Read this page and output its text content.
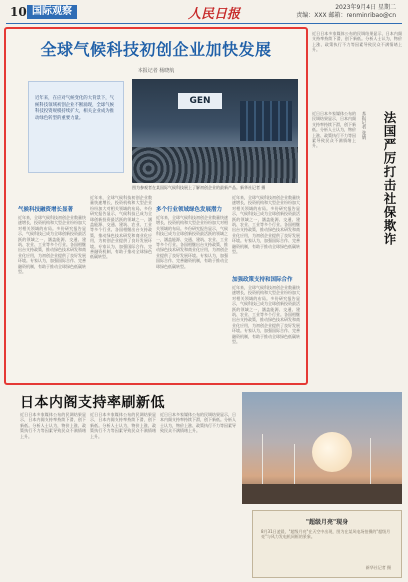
10 国际观察	人民日报	2023年9月4日 星期二
责编：XXX 邮箱：renminribao@cn
全球气候科技初创企业加快发展
本报记者 杨晓航
近年来，在应对气候变化的大背景下，气候科技领域初创企业不断涌现，全球气候科技投资规模持续扩大，相关企业成为推动绿色转型的重要力量。
GEN
图为参观者在某国际气候科技展上了解初创企业的最新产品。新华社记者 摄
气候科技融资增长显著
近年来，全球气候科技初创企业数量快速增长，投资机构和大型企业纷纷加大对相关领域的布局。多份研究报告显示，气候科技已成为全球创新投资最活跃的领域之一，涵盖能源、交通、建筑、农业、工业等多个行业。各国相继出台支持政策，推动绿色技术研发和商业化应用，为初创企业提供了良好发展环境。专家认为，加强国际合作、完善融资机制，有助于推动全球绿色低碳转型。
近年来，全球气候科技初创企业数量快速增长，投资机构和大型企业纷纷加大对相关领域的布局。多份研究报告显示，气候科技已成为全球创新投资最活跃的领域之一，涵盖能源、交通、建筑、农业、工业等多个行业。各国相继出台支持政策，推动绿色技术研发和商业化应用，为初创企业提供了良好发展环境。专家认为，加强国际合作、完善融资机制，有助于推动全球绿色低碳转型。
多个行业领域绿色发展潜力
近年来，全球气候科技初创企业数量快速增长，投资机构和大型企业纷纷加大对相关领域的布局。多份研究报告显示，气候科技已成为全球创新投资最活跃的领域之一，涵盖能源、交通、建筑、农业、工业等多个行业。各国相继出台支持政策，推动绿色技术研发和商业化应用，为初创企业提供了良好发展环境。专家认为，加强国际合作、完善融资机制，有助于推动全球绿色低碳转型。
加强政策支持和国际合作
近年来，全球气候科技初创企业数量快速增长，投资机构和大型企业纷纷加大对相关领域的布局。多份研究报告显示，气候科技已成为全球创新投资最活跃的领域之一，涵盖能源、交通、建筑、农业、工业等多个行业。各国相继出台支持政策，推动绿色技术研发和商业化应用，为初创企业提供了良好发展环境。专家认为，加强国际合作、完善融资机制，有助于推动全球绿色低碳转型。
近年来，全球气候科技初创企业数量快速增长，投资机构和大型企业纷纷加大对相关领域的布局。多份研究报告显示，气候科技已成为全球创新投资最活跃的领域之一，涵盖能源、交通、建筑、农业、工业等多个行业。各国相继出台支持政策，推动绿色技术研发和商业化应用，为初创企业提供了良好发展环境。专家认为，加强国际合作、完善融资机制，有助于推动全球绿色低碳转型。
近日日本多家媒体公布的民调结果显示，日本内阁支持率持续下滑，创下新低。分析人士认为，物价上涨、政策执行不力等因素导致民众不满情绪上升。
法国严厉打击社保欺诈
本报记者 张婧
近日日本多家媒体公布的民调结果显示，日本内阁支持率持续下滑，创下新低。分析人士认为，物价上涨、政策执行不力等因素导致民众不满情绪上升。
日本内阁支持率刷新低
近日日本多家媒体公布的民调结果显示，日本内阁支持率持续下滑，创下新低。分析人士认为，物价上涨、政策执行不力等因素导致民众不满情绪上升。
近日日本多家媒体公布的民调结果显示，日本内阁支持率持续下滑，创下新低。分析人士认为，物价上涨、政策执行不力等因素导致民众不满情绪上升。
近日日本多家媒体公布的民调结果显示，日本内阁支持率持续下滑，创下新低。分析人士认为，物价上涨、政策执行不力等因素导致民众不满情绪上升。
"超级月亮"现身
8月31日凌晨，"超级月亮"在天空中出现，图为在某风电场拍摄的"超级月亮"与风力发电机同框的景象。
新华社记者 摄
